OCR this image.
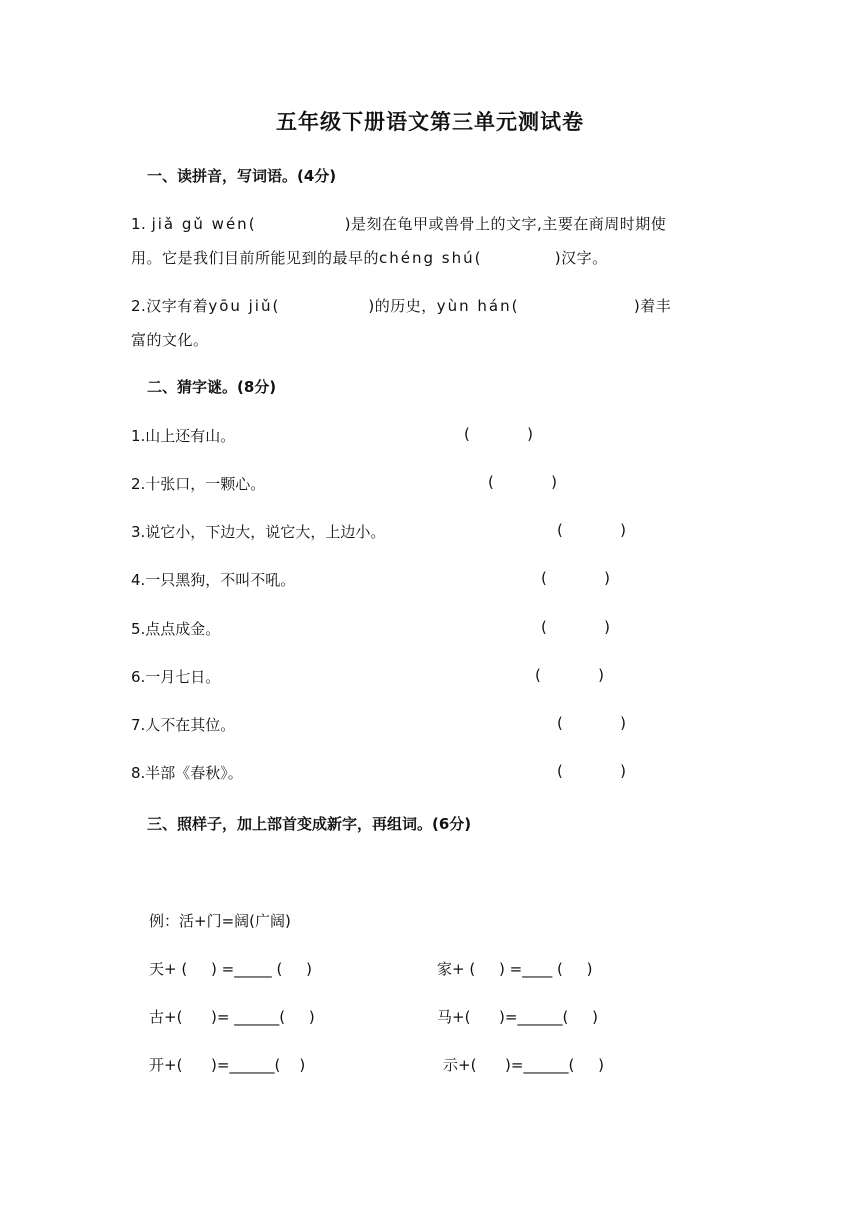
五年级下册语文第三单元测试卷
一、读拼音，写词语。(4分)
1. jiǎ gǔ wén(                 )是刻在龟甲或兽骨上的文字,主要在商周时期使
用。它是我们目前所能见到的最早的chéng shú(              )汉字。
2.汉字有着yōu jiǔ(                 )的历史，yùn hán(                      )着丰
富的文化。
二、猜字谜。(8分)
1.山上还有山。	(            )
2.十张口，一颗心。	(            )
3.说它小，下边大，说它大，上边小。	(            )
4.一只黑狗，不叫不吼。	(            )
5.点点成金。	(            )
6.一月七日。	(            )
7.人不在其位。	(            )
8.半部《春秋》。	(            )
三、照样子，加上部首变成新字，再组词。(6分)
例：活+门=阔(广阔)
天+ (     ) =_____ (     )	家+ (     ) =____ (     )
古+(      )= ______(     )	马+(      )=______(     )
开+(      )=______(    )	示+(      )=______(     )
